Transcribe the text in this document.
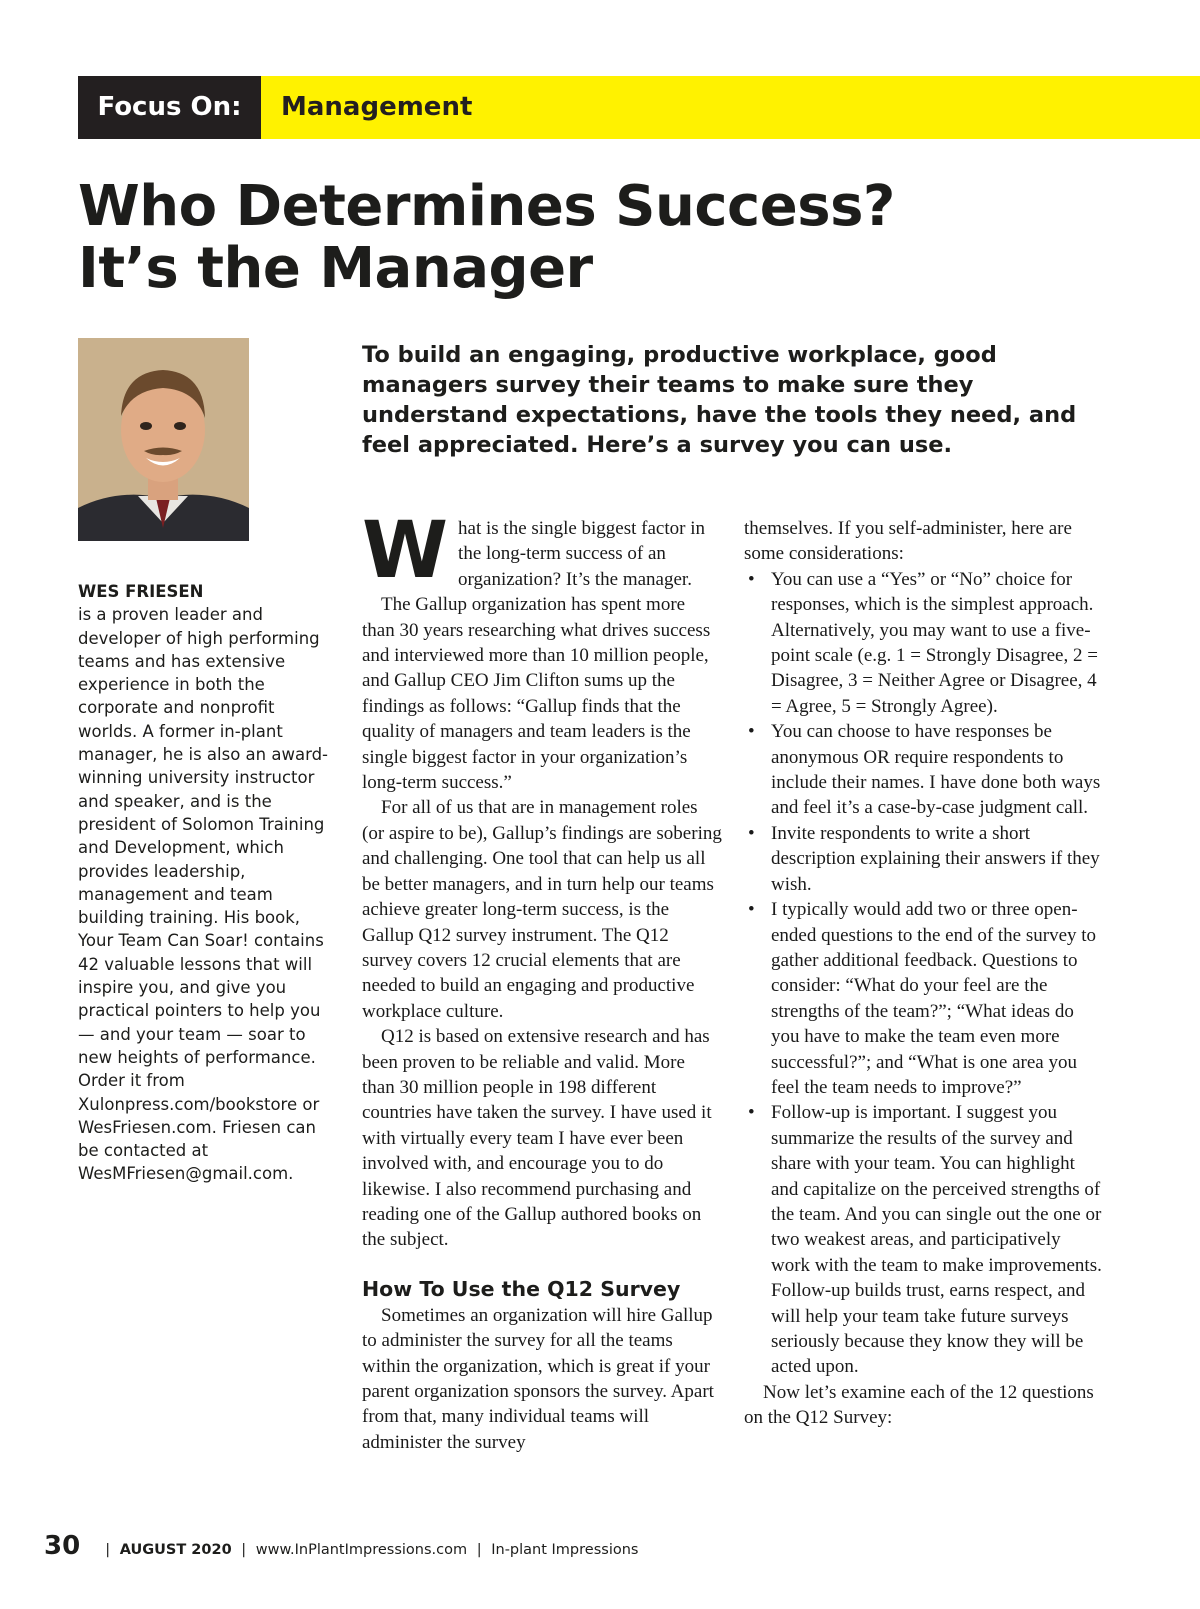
Focus On:	Management
Who Determines Success?
It’s the Manager

To build an engaging, productive workplace, good managers survey their teams to make sure they understand expectations, have the tools they need, and feel appreciated. Here’s a survey you can use.

WES FRIESEN
is a proven leader and developer of high performing teams and has extensive experience in both the corporate and nonprofit worlds. A former in-plant manager, he is also an award-winning university instructor and speaker, and is the president of Solomon Training and Development, which provides leadership, management and team building training. His book, Your Team Can Soar! contains 42 valuable lessons that will inspire you, and give you practical pointers to help you — and your team — soar to new heights of performance. Order it from Xulonpress.com/bookstore or WesFriesen.com. Friesen can be contacted at WesMFriesen@gmail.com.

What is the single biggest factor in the long-term success of an organization? It’s the manager.

The Gallup organization has spent more than 30 years researching what drives success and interviewed more than 10 million people, and Gallup CEO Jim Clifton sums up the findings as follows: “Gallup finds that the quality of managers and team leaders is the single biggest factor in your organization’s long-term success.”

For all of us that are in management roles (or aspire to be), Gallup’s findings are sobering and challenging. One tool that can help us all be better managers, and in turn help our teams achieve greater long-term success, is the Gallup Q12 survey instrument. The Q12 survey covers 12 crucial elements that are needed to build an engaging and productive workplace culture.

Q12 is based on extensive research and has been proven to be reliable and valid. More than 30 million people in 198 different countries have taken the survey. I have used it with virtually every team I have ever been involved with, and encourage you to do likewise. I also recommend purchasing and reading one of the Gallup authored books on the subject.

How To Use the Q12 Survey

Sometimes an organization will hire Gallup to administer the survey for all the teams within the organization, which is great if your parent organization sponsors the survey. Apart from that, many individual teams will administer the survey

themselves. If you self-administer, here are some considerations:

• You can use a “Yes” or “No” choice for responses, which is the simplest approach. Alternatively, you may want to use a five-point scale (e.g. 1 = Strongly Disagree, 2 = Disagree, 3 = Neither Agree or Disagree, 4 = Agree, 5 = Strongly Agree).
• You can choose to have responses be anonymous OR require respondents to include their names. I have done both ways and feel it’s a case-by-case judgment call.
• Invite respondents to write a short description explaining their answers if they wish.
• I typically would add two or three open-ended questions to the end of the survey to gather additional feedback. Questions to consider: “What do your feel are the strengths of the team?”; “What ideas do you have to make the team even more successful?”; and “What is one area you feel the team needs to improve?”
• Follow-up is important. I suggest you summarize the results of the survey and share with your team. You can highlight and capitalize on the perceived strengths of the team. And you can single out the one or two weakest areas, and participatively work with the team to make improvements. Follow-up builds trust, earns respect, and will help your team take future surveys seriously because they know they will be acted upon.

Now let’s examine each of the 12 questions on the Q12 Survey:

30	| AUGUST 2020 | www.InPlantImpressions.com | In-plant Impressions
